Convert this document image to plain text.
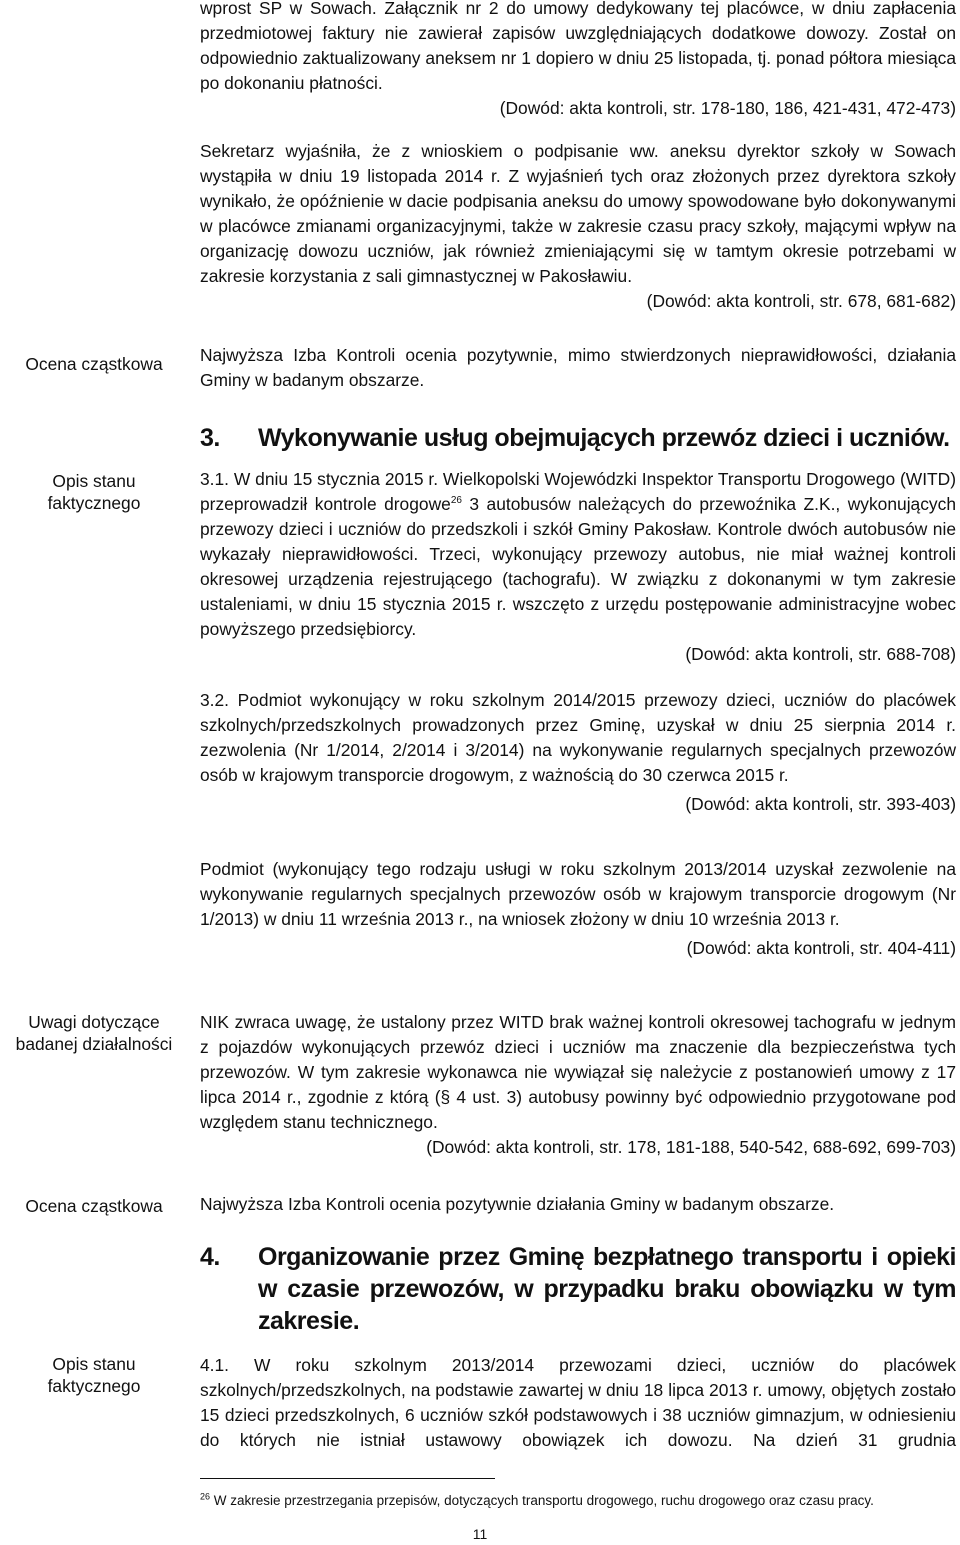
wprost SP w Sowach. Załącznik nr 2 do umowy dedykowany tej placówce, w dniu zapłacenia przedmiotowej faktury nie zawierał zapisów uwzględniających dodatkowe dowozy. Został on odpowiednio zaktualizowany aneksem nr 1 dopiero w dniu 25 listopada, tj. ponad półtora miesiąca po dokonaniu płatności.

(Dowód: akta kontroli, str. 178-180, 186, 421-431, 472-473)

Sekretarz wyjaśniła, że z wnioskiem o podpisanie ww. aneksu dyrektor szkoły w Sowach wystąpiła w dniu 19 listopada 2014 r. Z wyjaśnień tych oraz złożonych przez dyrektora szkoły wynikało, że opóźnienie w dacie podpisania aneksu do umowy spowodowane było dokonywanymi w placówce zmianami organizacyjnymi, także w zakresie czasu pracy szkoły, mającymi wpływ na organizację dowozu uczniów, jak również zmieniającymi się w tamtym okresie potrzebami w zakresie korzystania z sali gimnastycznej w Pakosławiu.

(Dowód: akta kontroli, str. 678, 681-682)

Ocena cząstkowa
Opis stanu
faktycznego
Uwagi dotyczące
badanej działalności
Ocena cząstkowa
Opis stanu
faktycznego

Najwyższa Izba Kontroli ocenia pozytywnie, mimo stwierdzonych nieprawidłowości, działania Gminy w badanym obszarze.

3. Wykonywanie usług obejmujących przewóz dzieci i uczniów.

3.1. W dniu 15 stycznia 2015 r. Wielkopolski Wojewódzki Inspektor Transportu Drogowego (WITD) przeprowadził kontrole drogowe$^{26}$ 3 autobusów należących do przewoźnika Z.K., wykonujących przewozy dzieci i uczniów do przedszkoli i szkół Gminy Pakosław. Kontrole dwóch autobusów nie wykazały nieprawidłowości. Trzeci, wykonujący przewozy autobus, nie miał ważnej kontroli okresowej urządzenia rejestrującego (tachografu). W związku z dokonanymi w tym zakresie ustaleniami, w dniu 15 stycznia 2015 r. wszczęto z urzędu postępowanie administracyjne wobec powyższego przedsiębiorcy.

(Dowód: akta kontroli, str. 688-708)

3.2. Podmiot wykonujący w roku szkolnym 2014/2015 przewozy dzieci, uczniów do placówek szkolnych/przedszkolnych prowadzonych przez Gminę, uzyskał w dniu 25 sierpnia 2014 r. zezwolenia (Nr 1/2014, 2/2014 i 3/2014) na wykonywanie regularnych specjalnych przewozów osób w krajowym transporcie drogowym, z ważnością do 30 czerwca 2015 r.

(Dowód: akta kontroli, str. 393-403)

Podmiot (wykonujący tego rodzaju usługi w roku szkolnym 2013/2014 uzyskał zezwolenie na wykonywanie regularnych specjalnych przewozów osób w krajowym transporcie drogowym (Nr 1/2013) w dniu 11 września 2013 r., na wniosek złożony w dniu 10 września 2013 r.

(Dowód: akta kontroli, str. 404-411)

NIK zwraca uwagę, że ustalony przez WITD brak ważnej kontroli okresowej tachografu w jednym z pojazdów wykonujących przewóz dzieci i uczniów ma znaczenie dla bezpieczeństwa tych przewozów. W tym zakresie wykonawca nie wywiązał się należycie z postanowień umowy z 17 lipca 2014 r., zgodnie z którą (§ 4 ust. 3) autobusy powinny być odpowiednio przygotowane pod względem stanu technicznego.

(Dowód: akta kontroli, str. 178, 181-188, 540-542, 688-692, 699-703)

Najwyższa Izba Kontroli ocenia pozytywnie działania Gminy w badanym obszarze.

4.	Organizowanie przez Gminę bezpłatnego transportu i opieki w czasie przewozów, w przypadku braku obowiązku w tym zakresie.

4.1. W roku szkolnym 2013/2014 przewozami dzieci, uczniów do placówek szkolnych/przedszkolnych, na podstawie zawartej w dniu 18 lipca 2013 r. umowy, objętych zostało 15 dzieci przedszkolnych, 6 uczniów szkół podstawowych i 38 uczniów gimnazjum, w odniesieniu do których nie istniał ustawowy obowiązek ich dowozu. Na dzień 31 grudnia

$^{26}$ W zakresie przestrzegania przepisów, dotyczących transportu drogowego, ruchu drogowego oraz czasu pracy.
11
